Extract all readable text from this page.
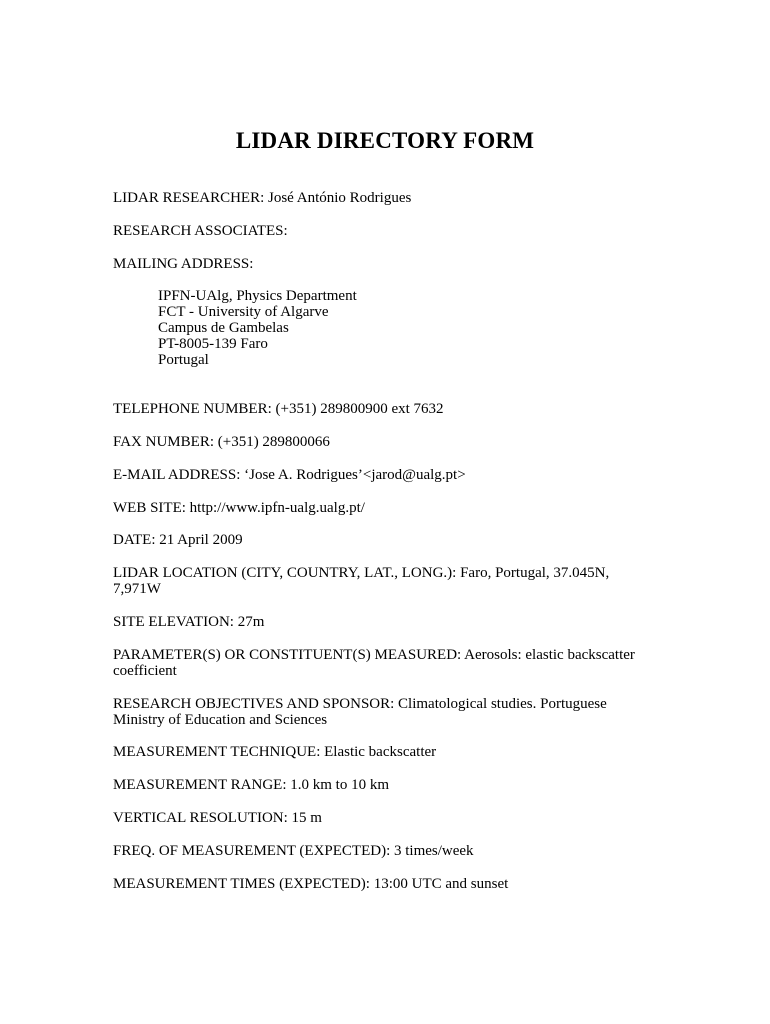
LIDAR DIRECTORY FORM
LIDAR RESEARCHER: José António Rodrigues
RESEARCH ASSOCIATES:
MAILING ADDRESS:
IPFN-UAlg, Physics Department
FCT - University of Algarve
Campus de Gambelas
PT-8005-139 Faro
Portugal
TELEPHONE NUMBER: (+351) 289800900 ext 7632
FAX NUMBER: (+351) 289800066
E-MAIL ADDRESS: ‘Jose A. Rodrigues’<jarod@ualg.pt>
WEB SITE: http://www.ipfn-ualg.ualg.pt/
DATE: 21 April 2009
LIDAR LOCATION (CITY, COUNTRY, LAT., LONG.): Faro, Portugal, 37.045N,
7,971W
SITE ELEVATION: 27m
PARAMETER(S) OR CONSTITUENT(S) MEASURED: Aerosols: elastic backscatter
coefficient
RESEARCH OBJECTIVES AND SPONSOR: Climatological studies. Portuguese
Ministry of Education and Sciences
MEASUREMENT TECHNIQUE: Elastic backscatter
MEASUREMENT RANGE: 1.0 km to 10 km
VERTICAL RESOLUTION: 15 m
FREQ. OF MEASUREMENT (EXPECTED): 3 times/week
MEASUREMENT TIMES (EXPECTED): 13:00 UTC and sunset
